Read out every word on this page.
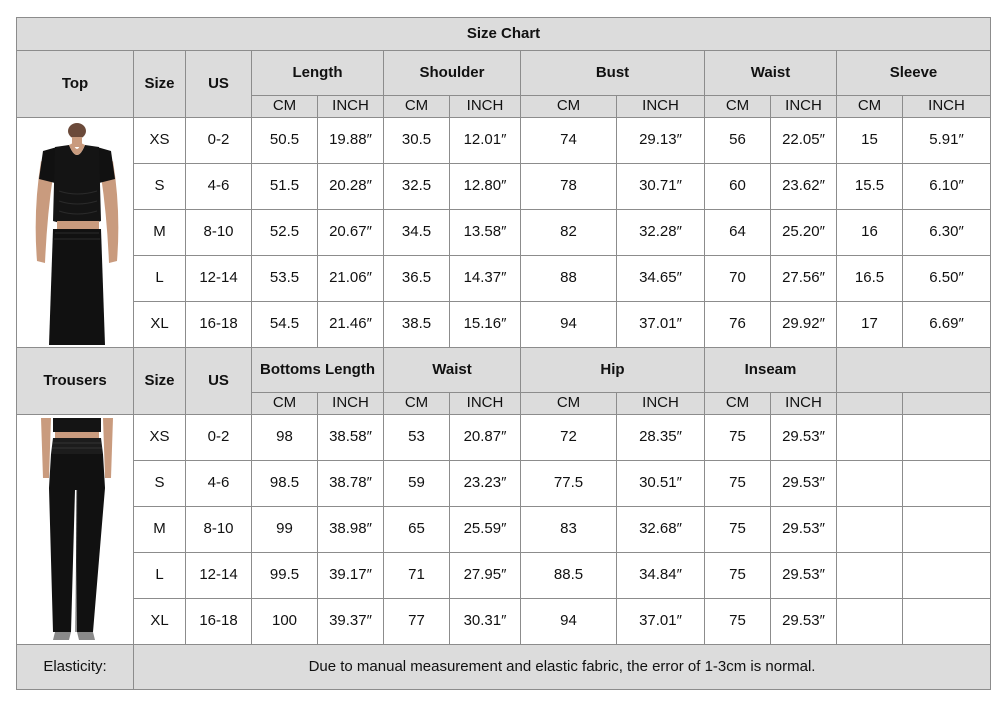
Size Chart												
Top	Size	US	Length		Shoulder		Bust		Waist		Sleeve	
			CM	INCH	CM	INCH	CM	INCH	CM	INCH	CM	INCH

	XS	0-2	50.5	19.88″	30.5	12.01″	74	29.13″	56	22.05″	15	5.91″
	S	4-6	51.5	20.28″	32.5	12.80″	78	30.71″	60	23.62″	15.5	6.10″
	M	8-10	52.5	20.67″	34.5	13.58″	82	32.28″	64	25.20″	16	6.30″
	L	12-14	53.5	21.06″	36.5	14.37″	88	34.65″	70	27.56″	16.5	6.50″
	XL	16-18	54.5	21.46″	38.5	15.16″	94	37.01″	76	29.92″	17	6.69″
Trousers	Size	US	Bottoms Length		Waist		Hip		Inseam			
			CM	INCH	CM	INCH	CM	INCH	CM	INCH		

	XS	0-2	98	38.58″	53	20.87″	72	28.35″	75	29.53″		
	S	4-6	98.5	38.78″	59	23.23″	77.5	30.51″	75	29.53″		
	M	8-10	99	38.98″	65	25.59″	83	32.68″	75	29.53″		
	L	12-14	99.5	39.17″	71	27.95″	88.5	34.84″	75	29.53″		
	XL	16-18	100	39.37″	77	30.31″	94	37.01″	75	29.53″		
Elasticity:	Due to manual measurement and elastic fabric, the error of 1-3cm is normal.											
